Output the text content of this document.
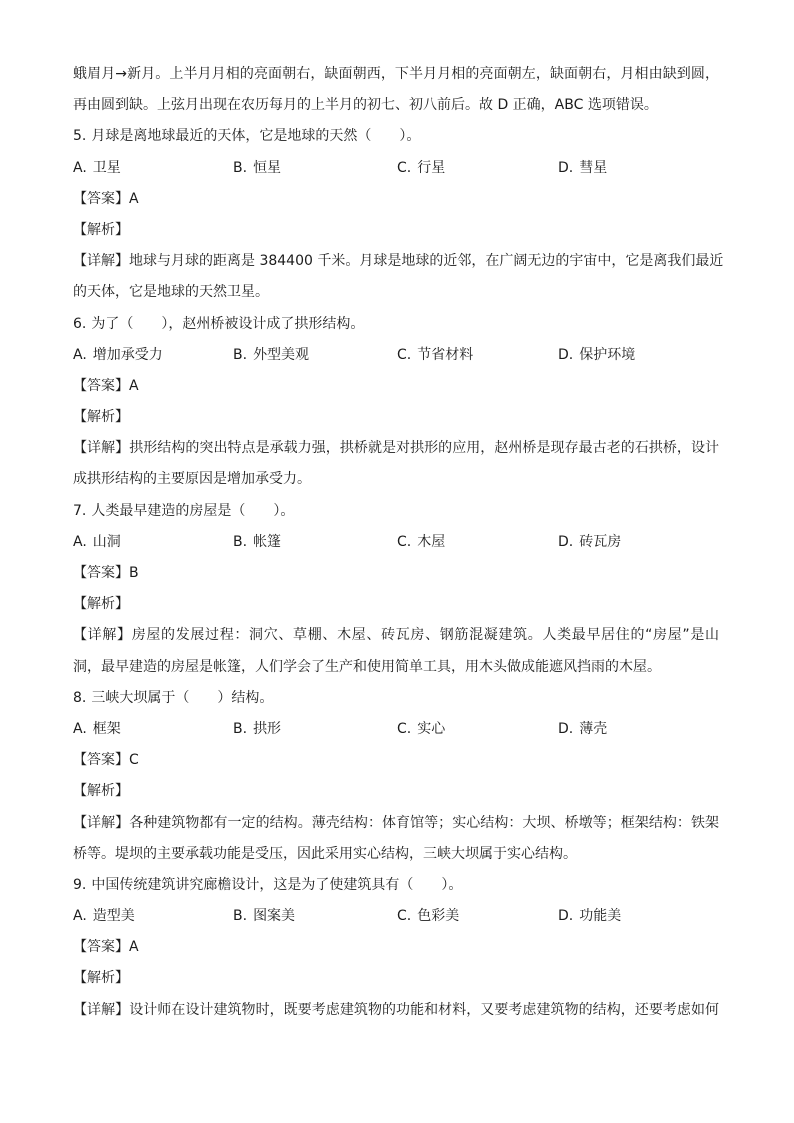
蛾眉月→新月。上半月月相的亮面朝右，缺面朝西，下半月月相的亮面朝左，缺面朝右，月相由缺到圆，
再由圆到缺。上弦月出现在农历每月的上半月的初七、初八前后。故 D 正确，ABC 选项错误。
5. 月球是离地球最近的天体，它是地球的天然（　　）。
A. 卫星	B. 恒星	C. 行星	D. 彗星
【答案】A
【解析】
【详解】地球与月球的距离是 384400 千米。月球是地球的近邻，在广阔无边的宇宙中，它是离我们最近
的天体，它是地球的天然卫星。
6. 为了（　　），赵州桥被设计成了拱形结构。
A. 增加承受力	B. 外型美观	C. 节省材料	D. 保护环境
【答案】A
【解析】
【详解】拱形结构的突出特点是承载力强，拱桥就是对拱形的应用，赵州桥是现存最古老的石拱桥，设计
成拱形结构的主要原因是增加承受力。
7. 人类最早建造的房屋是（　　）。
A. 山洞	B. 帐篷	C. 木屋	D. 砖瓦房
【答案】B
【解析】
【详解】房屋的发展过程：洞穴、草棚、木屋、砖瓦房、钢筋混凝建筑。人类最早居住的“房屋”是山
洞，最早建造的房屋是帐篷，人们学会了生产和使用简单工具，用木头做成能遮风挡雨的木屋。
8. 三峡大坝属于（　　）结构。
A. 框架	B. 拱形	C. 实心	D. 薄壳
【答案】C
【解析】
【详解】各种建筑物都有一定的结构。薄壳结构：体育馆等；实心结构：大坝、桥墩等；框架结构：铁架
桥等。堤坝的主要承载功能是受压，因此采用实心结构，三峡大坝属于实心结构。
9. 中国传统建筑讲究廊檐设计，这是为了使建筑具有（　　）。
A. 造型美	B. 图案美	C. 色彩美	D. 功能美
【答案】A
【解析】
【详解】设计师在设计建筑物时，既要考虑建筑物的功能和材料，又要考虑建筑物的结构，还要考虑如何
